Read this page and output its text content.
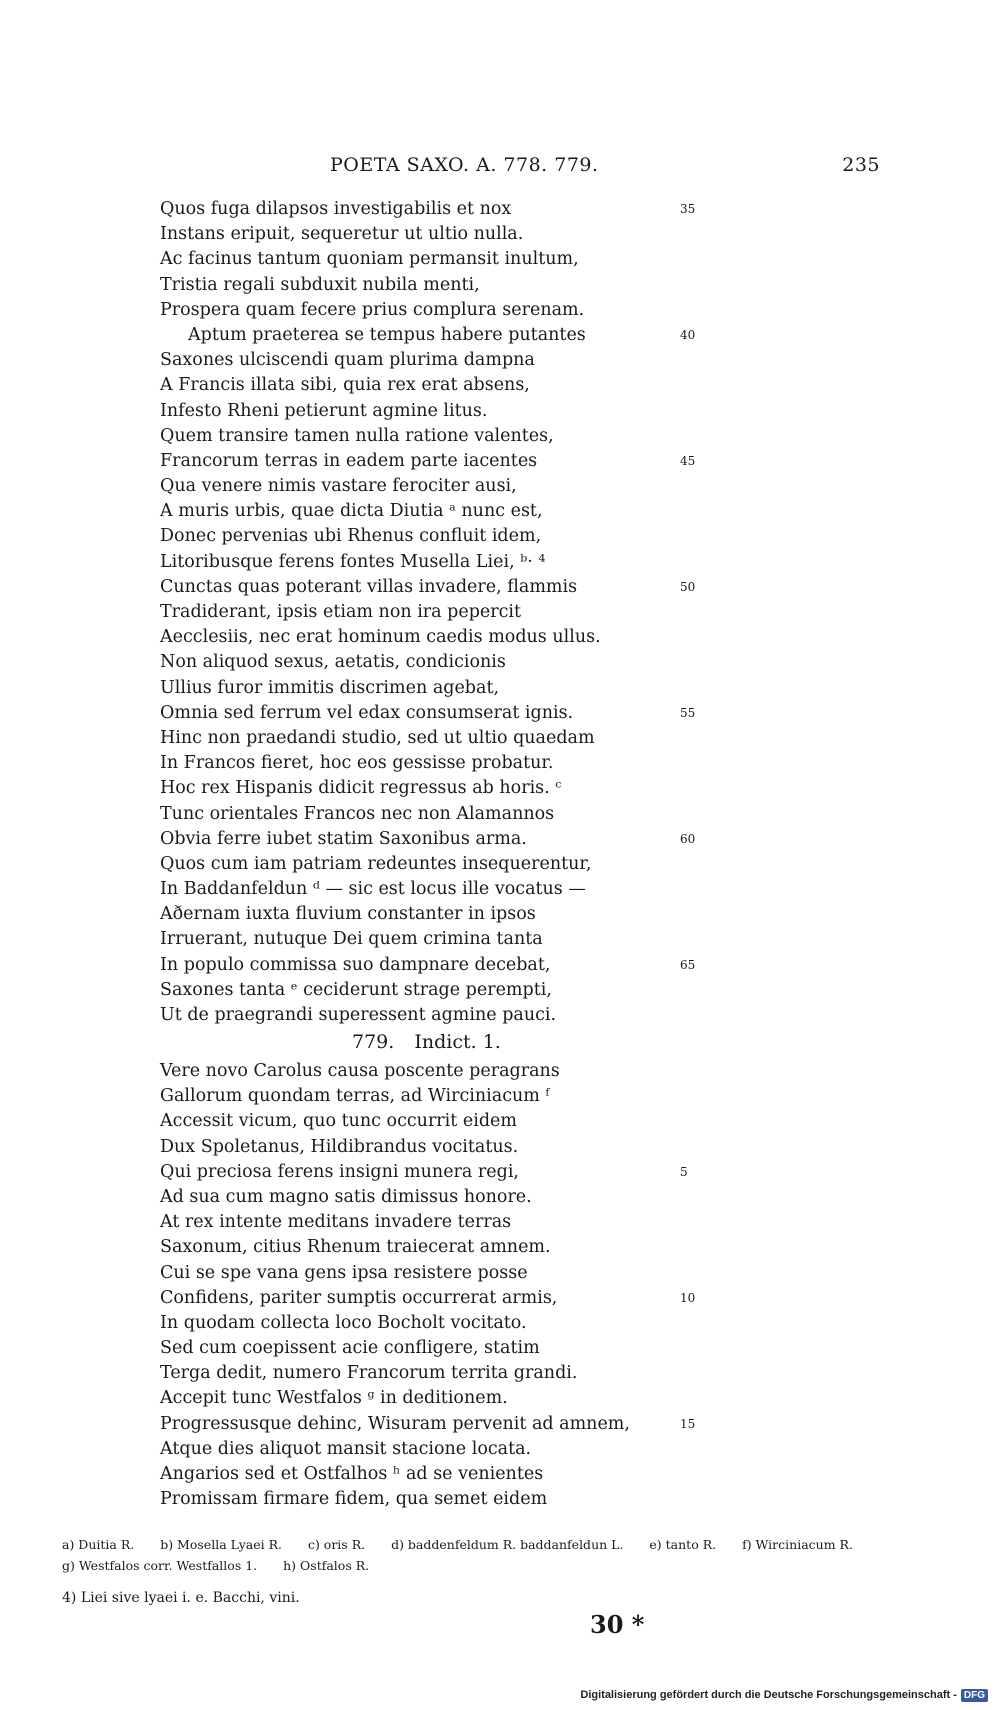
POETA SAXO. A. 778. 779.	235
Quos fuga dilapsos investigabilis et nox	35
Instans eripuit, sequeretur ut ultio nulla.
Ac facinus tantum quoniam permansit inultum,
Tristia regali subduxit nubila menti,
Prospera quam fecere prius complura serenam.
Aptum praeterea se tempus habere putantes	40
Saxones ulciscendi quam plurima dampna
A Francis illata sibi, quia rex erat absens,
Infesto Rheni petierunt agmine litus.
Quem transire tamen nulla ratione valentes,
Francorum terras in eadem parte iacentes	45
Qua venere nimis vastare ferociter ausi,
A muris urbis, quae dicta Diutia ᵃ nunc est,
Donec pervenias ubi Rhenus confluit idem,
Litoribusque ferens fontes Musella Liei, ᵇ· ⁴
Cunctas quas poterant villas invadere, flammis	50
Tradiderant, ipsis etiam non ira pepercit
Aecclesiis, nec erat hominum caedis modus ullus.
Non aliquod sexus, aetatis, condicionis
Ullius furor immitis discrimen agebat,
Omnia sed ferrum vel edax consumserat ignis.	55
Hinc non praedandi studio, sed ut ultio quaedam
In Francos fieret, hoc eos gessisse probatur.
Hoc rex Hispanis didicit regressus ab horis. ᶜ
Tunc orientales Francos nec non Alamannos
Obvia ferre iubet statim Saxonibus arma.	60
Quos cum iam patriam redeuntes insequerentur,
In Baddanfeldun ᵈ — sic est locus ille vocatus —
Aðernam iuxta fluvium constanter in ipsos
Irruerant, nutuque Dei quem crimina tanta
In populo commissa suo dampnare decebat,	65
Saxones tanta ᵉ ceciderunt strage perempti,
Ut de praegrandi superessent agmine pauci.
779. Indict. 1.
Vere novo Carolus causa poscente peragrans
Gallorum quondam terras, ad Wirciniacum ᶠ
Accessit vicum, quo tunc occurrit eidem
Dux Spoletanus, Hildibrandus vocitatus.
Qui preciosa ferens insigni munera regi,	5
Ad sua cum magno satis dimissus honore.
At rex intente meditans invadere terras
Saxonum, citius Rhenum traiecerat amnem.
Cui se spe vana gens ipsa resistere posse
Confidens, pariter sumptis occurrerat armis,	10
In quodam collecta loco Bocholt vocitato.
Sed cum coepissent acie confligere, statim
Terga dedit, numero Francorum territa grandi.
Accepit tunc Westfalos ᵍ in deditionem.
Progressusque dehinc, Wisuram pervenit ad amnem,	15
Atque dies aliquot mansit stacione locata.
Angarios sed et Ostfalhos ʰ ad se venientes
Promissam firmare fidem, qua semet eidem
a) Duitia R. b) Mosella Lyaei R. c) oris R. d) baddenfeldum R. baddanfeldun L. e) tanto R. f) Wirciniacum R. g) Westfalos corr. Westfallos 1. h) Ostfalos R.
4) Liei sive lyaei i. e. Bacchi, vini.
30 *
Digitalisierung gefördert durch die Deutsche Forschungsgemeinschaft - DFG
